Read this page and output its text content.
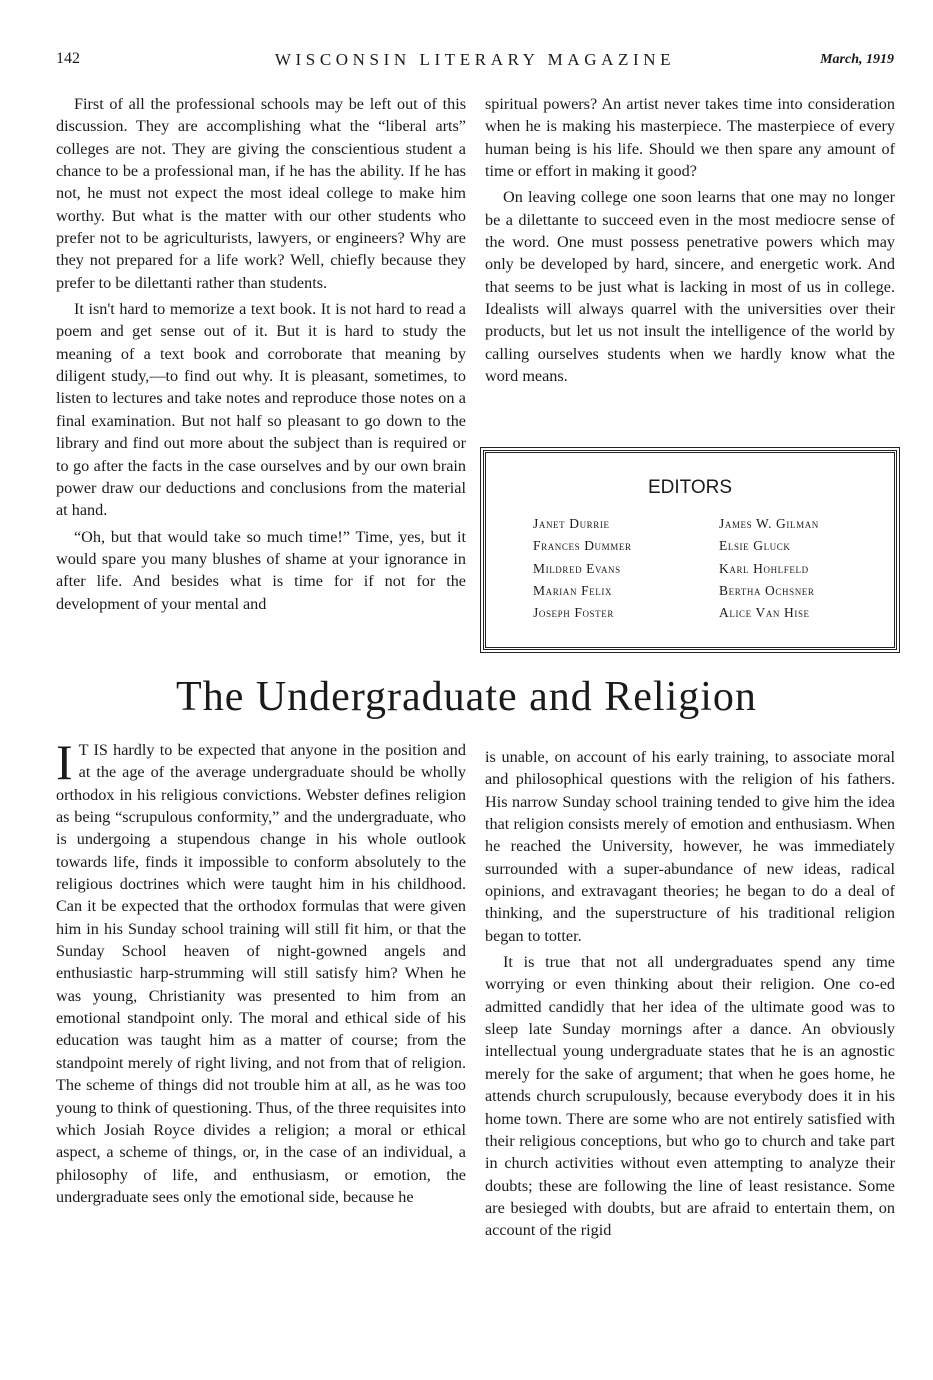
142	WISCONSIN LITERARY MAGAZINE	March, 1919

First of all the professional schools may be left out of this discussion. They are accomplishing what the “liberal arts” colleges are not. They are giving the conscientious student a chance to be a professional man, if he has the ability. If he has not, he must not expect the most ideal college to make him worthy. But what is the matter with our other students who prefer not to be agriculturists, lawyers, or engineers? Why are they not prepared for a life work? Well, chiefly because they prefer to be dilettanti rather than students.

It isn't hard to memorize a text book. It is not hard to read a poem and get sense out of it. But it is hard to study the meaning of a text book and corroborate that meaning by diligent study,—to find out why. It is pleasant, sometimes, to listen to lectures and take notes and reproduce those notes on a final examination. But not half so pleasant to go down to the library and find out more about the subject than is required or to go after the facts in the case ourselves and by our own brain power draw our deductions and conclusions from the material at hand.

“Oh, but that would take so much time!” Time, yes, but it would spare you many blushes of shame at your ignorance in after life. And besides what is time for if not for the development of your mental and

spiritual powers? An artist never takes time into consideration when he is making his masterpiece. The masterpiece of every human being is his life. Should we then spare any amount of time or effort in making it good?

On leaving college one soon learns that one may no longer be a dilettante to succeed even in the most mediocre sense of the word. One must possess penetrative powers which may only be developed by hard, sincere, and energetic work. And that seems to be just what is lacking in most of us in college. Idealists will always quarrel with the universities over their products, but let us not insult the intelligence of the world by calling ourselves students when we hardly know what the word means.

EDITORS
Janet Durrie
Frances Dummer
Mildred Evans
Marian Felix
Joseph Foster
James W. Gilman
Elsie Gluck
Karl Hohlfeld
Bertha Ochsner
Alice Van Hise
The Undergraduate and Religion

I T IS hardly to be expected that anyone in the position and at the age of the average undergraduate should be wholly orthodox in his religious convictions. Webster defines religion as being “scrupulous conformity,” and the undergraduate, who is undergoing a stupendous change in his whole outlook towards life, finds it impossible to conform absolutely to the religious doctrines which were taught him in his childhood. Can it be expected that the orthodox formulas that were given him in his Sunday school training will still fit him, or that the Sunday School heaven of night-gowned angels and enthusiastic harp-strumming will still satisfy him? When he was young, Christianity was presented to him from an emotional standpoint only. The moral and ethical side of his education was taught him as a matter of course; from the standpoint merely of right living, and not from that of religion. The scheme of things did not trouble him at all, as he was too young to think of questioning. Thus, of the three requisites into which Josiah Royce divides a religion; a moral or ethical aspect, a scheme of things, or, in the case of an individual, a philosophy of life, and enthusiasm, or emotion, the undergraduate sees only the emotional side, because he

is unable, on account of his early training, to associate moral and philosophical questions with the religion of his fathers. His narrow Sunday school training tended to give him the idea that religion consists merely of emotion and enthusiasm. When he reached the University, however, he was immediately surrounded with a super-abundance of new ideas, radical opinions, and extravagant theories; he began to do a deal of thinking, and the superstructure of his traditional religion began to totter.

It is true that not all undergraduates spend any time worrying or even thinking about their religion. One co-ed admitted candidly that her idea of the ultimate good was to sleep late Sunday mornings after a dance. An obviously intellectual young undergraduate states that he is an agnostic merely for the sake of argument; that when he goes home, he attends church scrupulously, because everybody does it in his home town. There are some who are not entirely satisfied with their religious conceptions, but who go to church and take part in church activities without even attempting to analyze their doubts; these are following the line of least resistance. Some are besieged with doubts, but are afraid to entertain them, on account of the rigid
